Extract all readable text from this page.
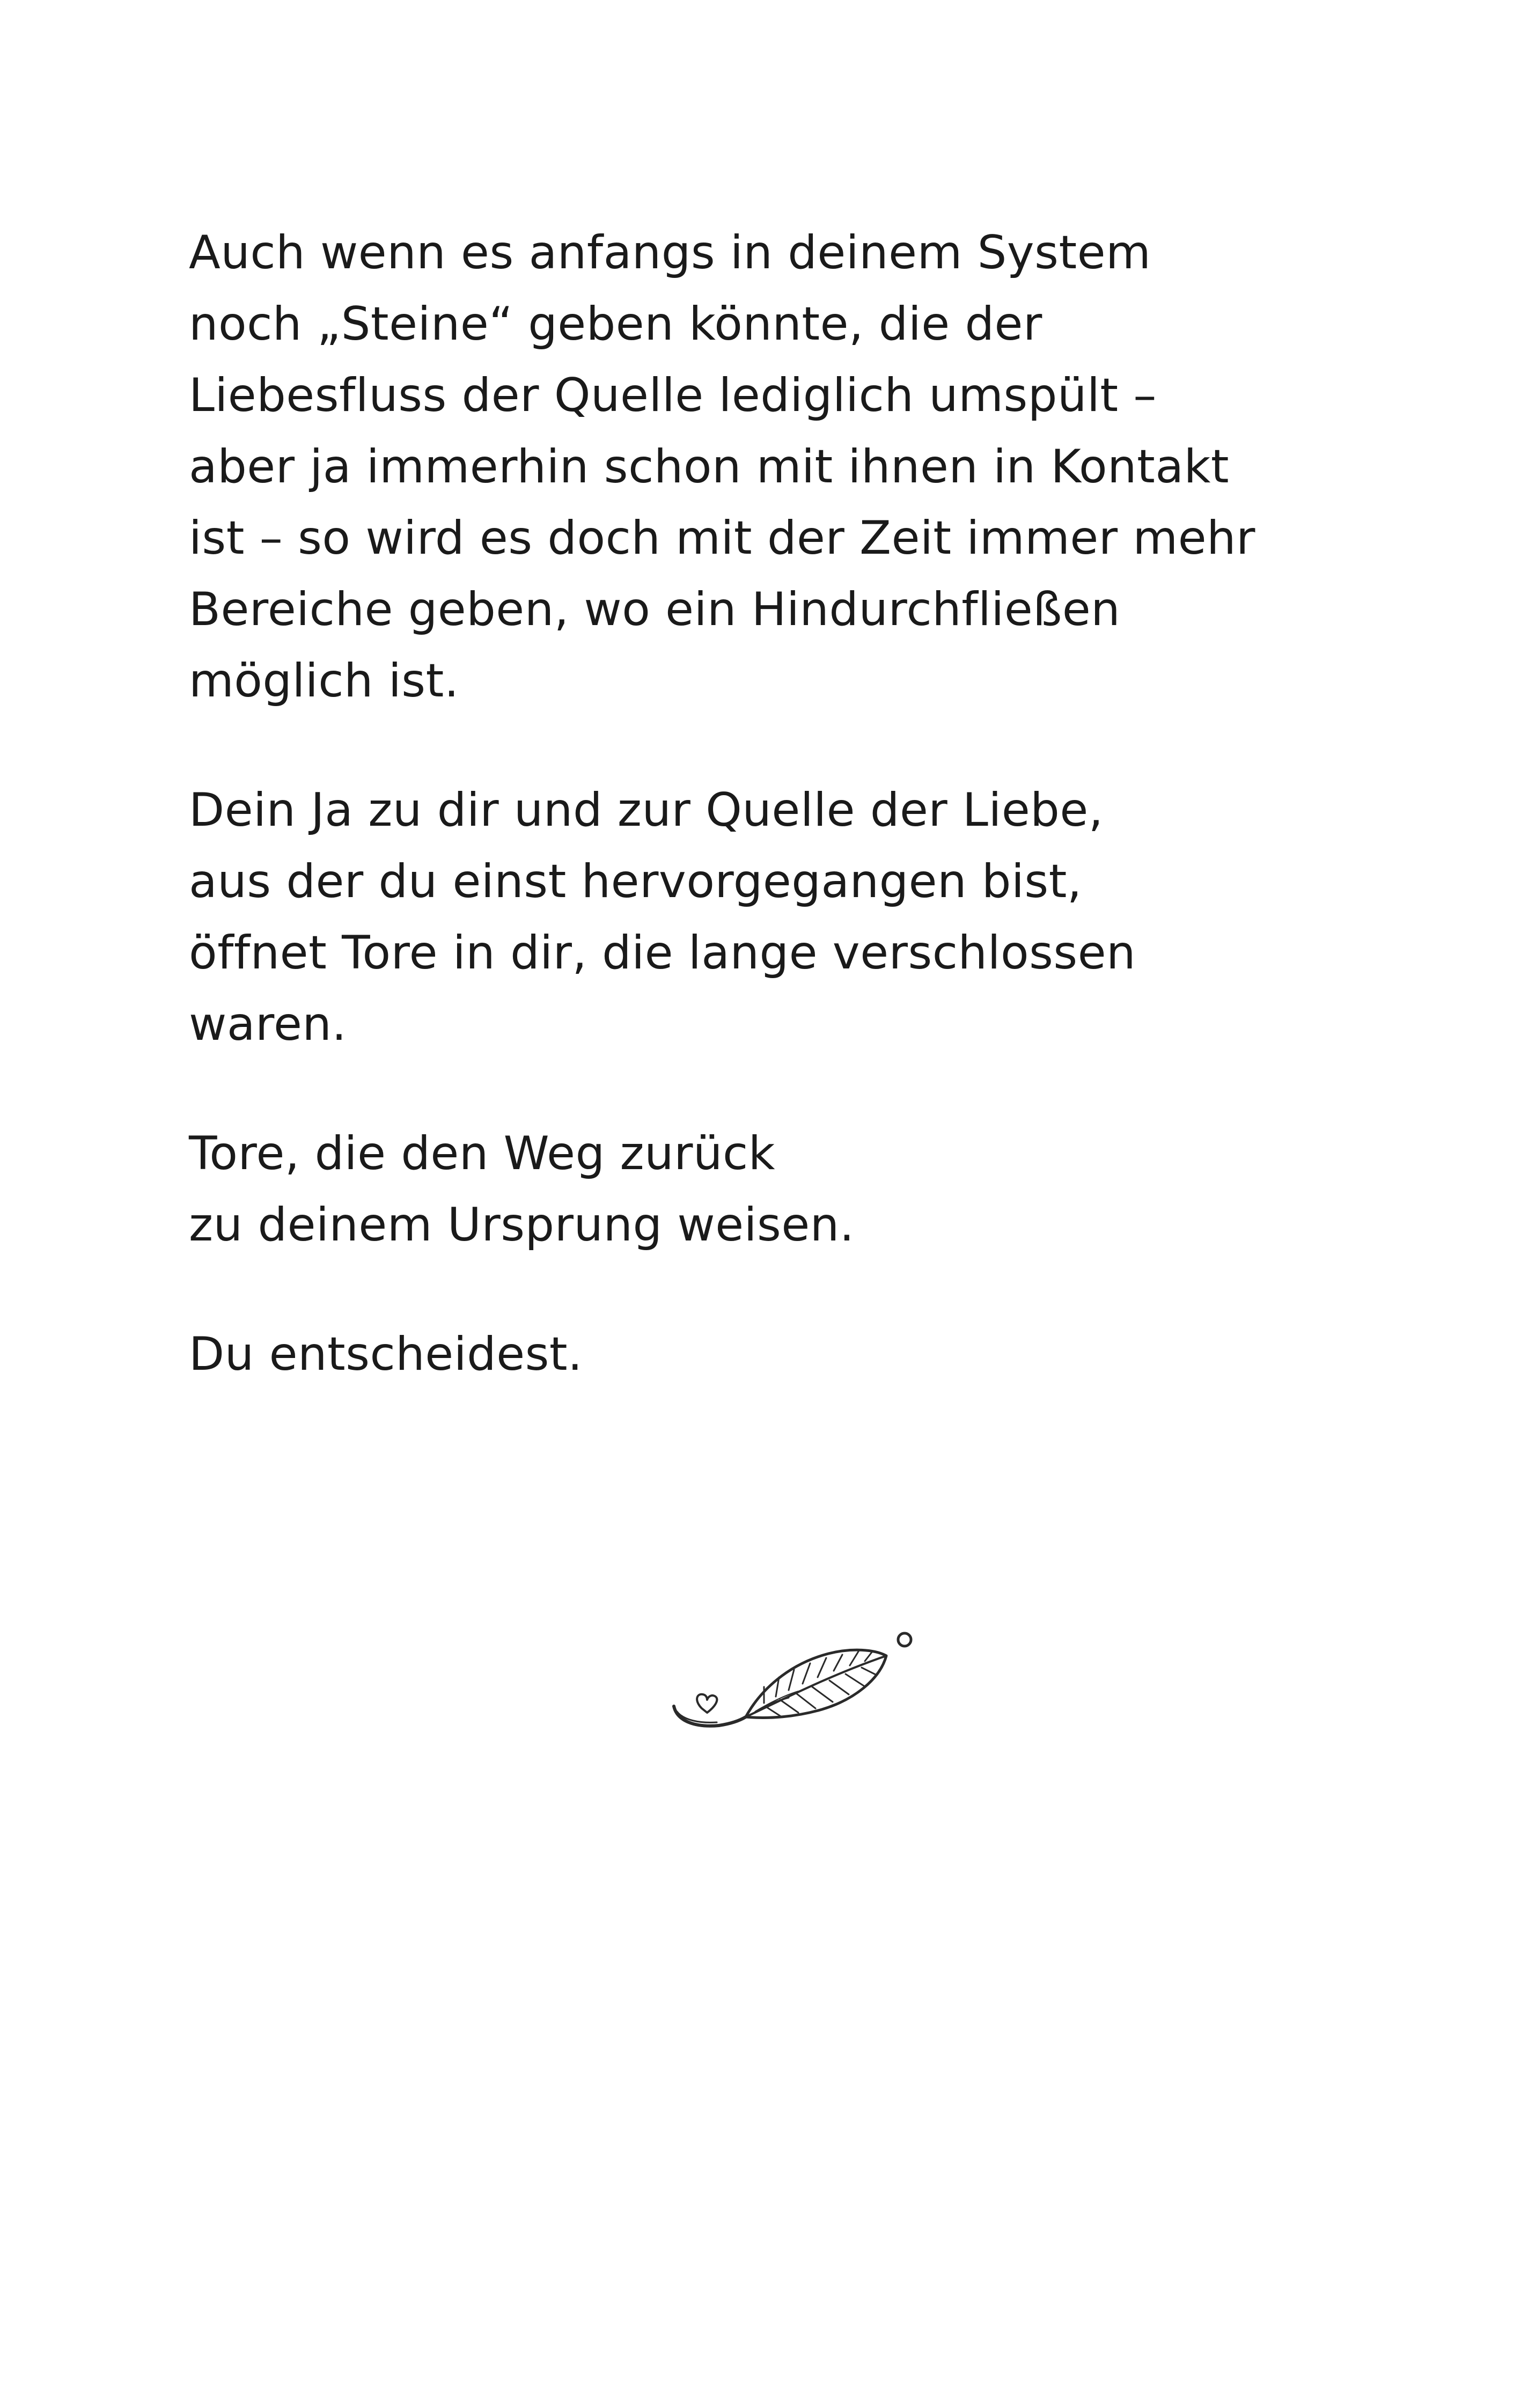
Auch wenn es anfangs in deinem System
noch „Steine“ geben könnte, die der
Liebesfluss der Quelle lediglich umspült –
aber ja immerhin schon mit ihnen in Kontakt
ist – so wird es doch mit der Zeit immer mehr
Bereiche geben, wo ein Hindurchfließen
möglich ist.

Dein Ja zu dir und zur Quelle der Liebe,
aus der du einst hervorgegangen bist,
öffnet Tore in dir, die lange verschlossen
waren.

Tore, die den Weg zurück
zu deinem Ursprung weisen.

Du entscheidest.
